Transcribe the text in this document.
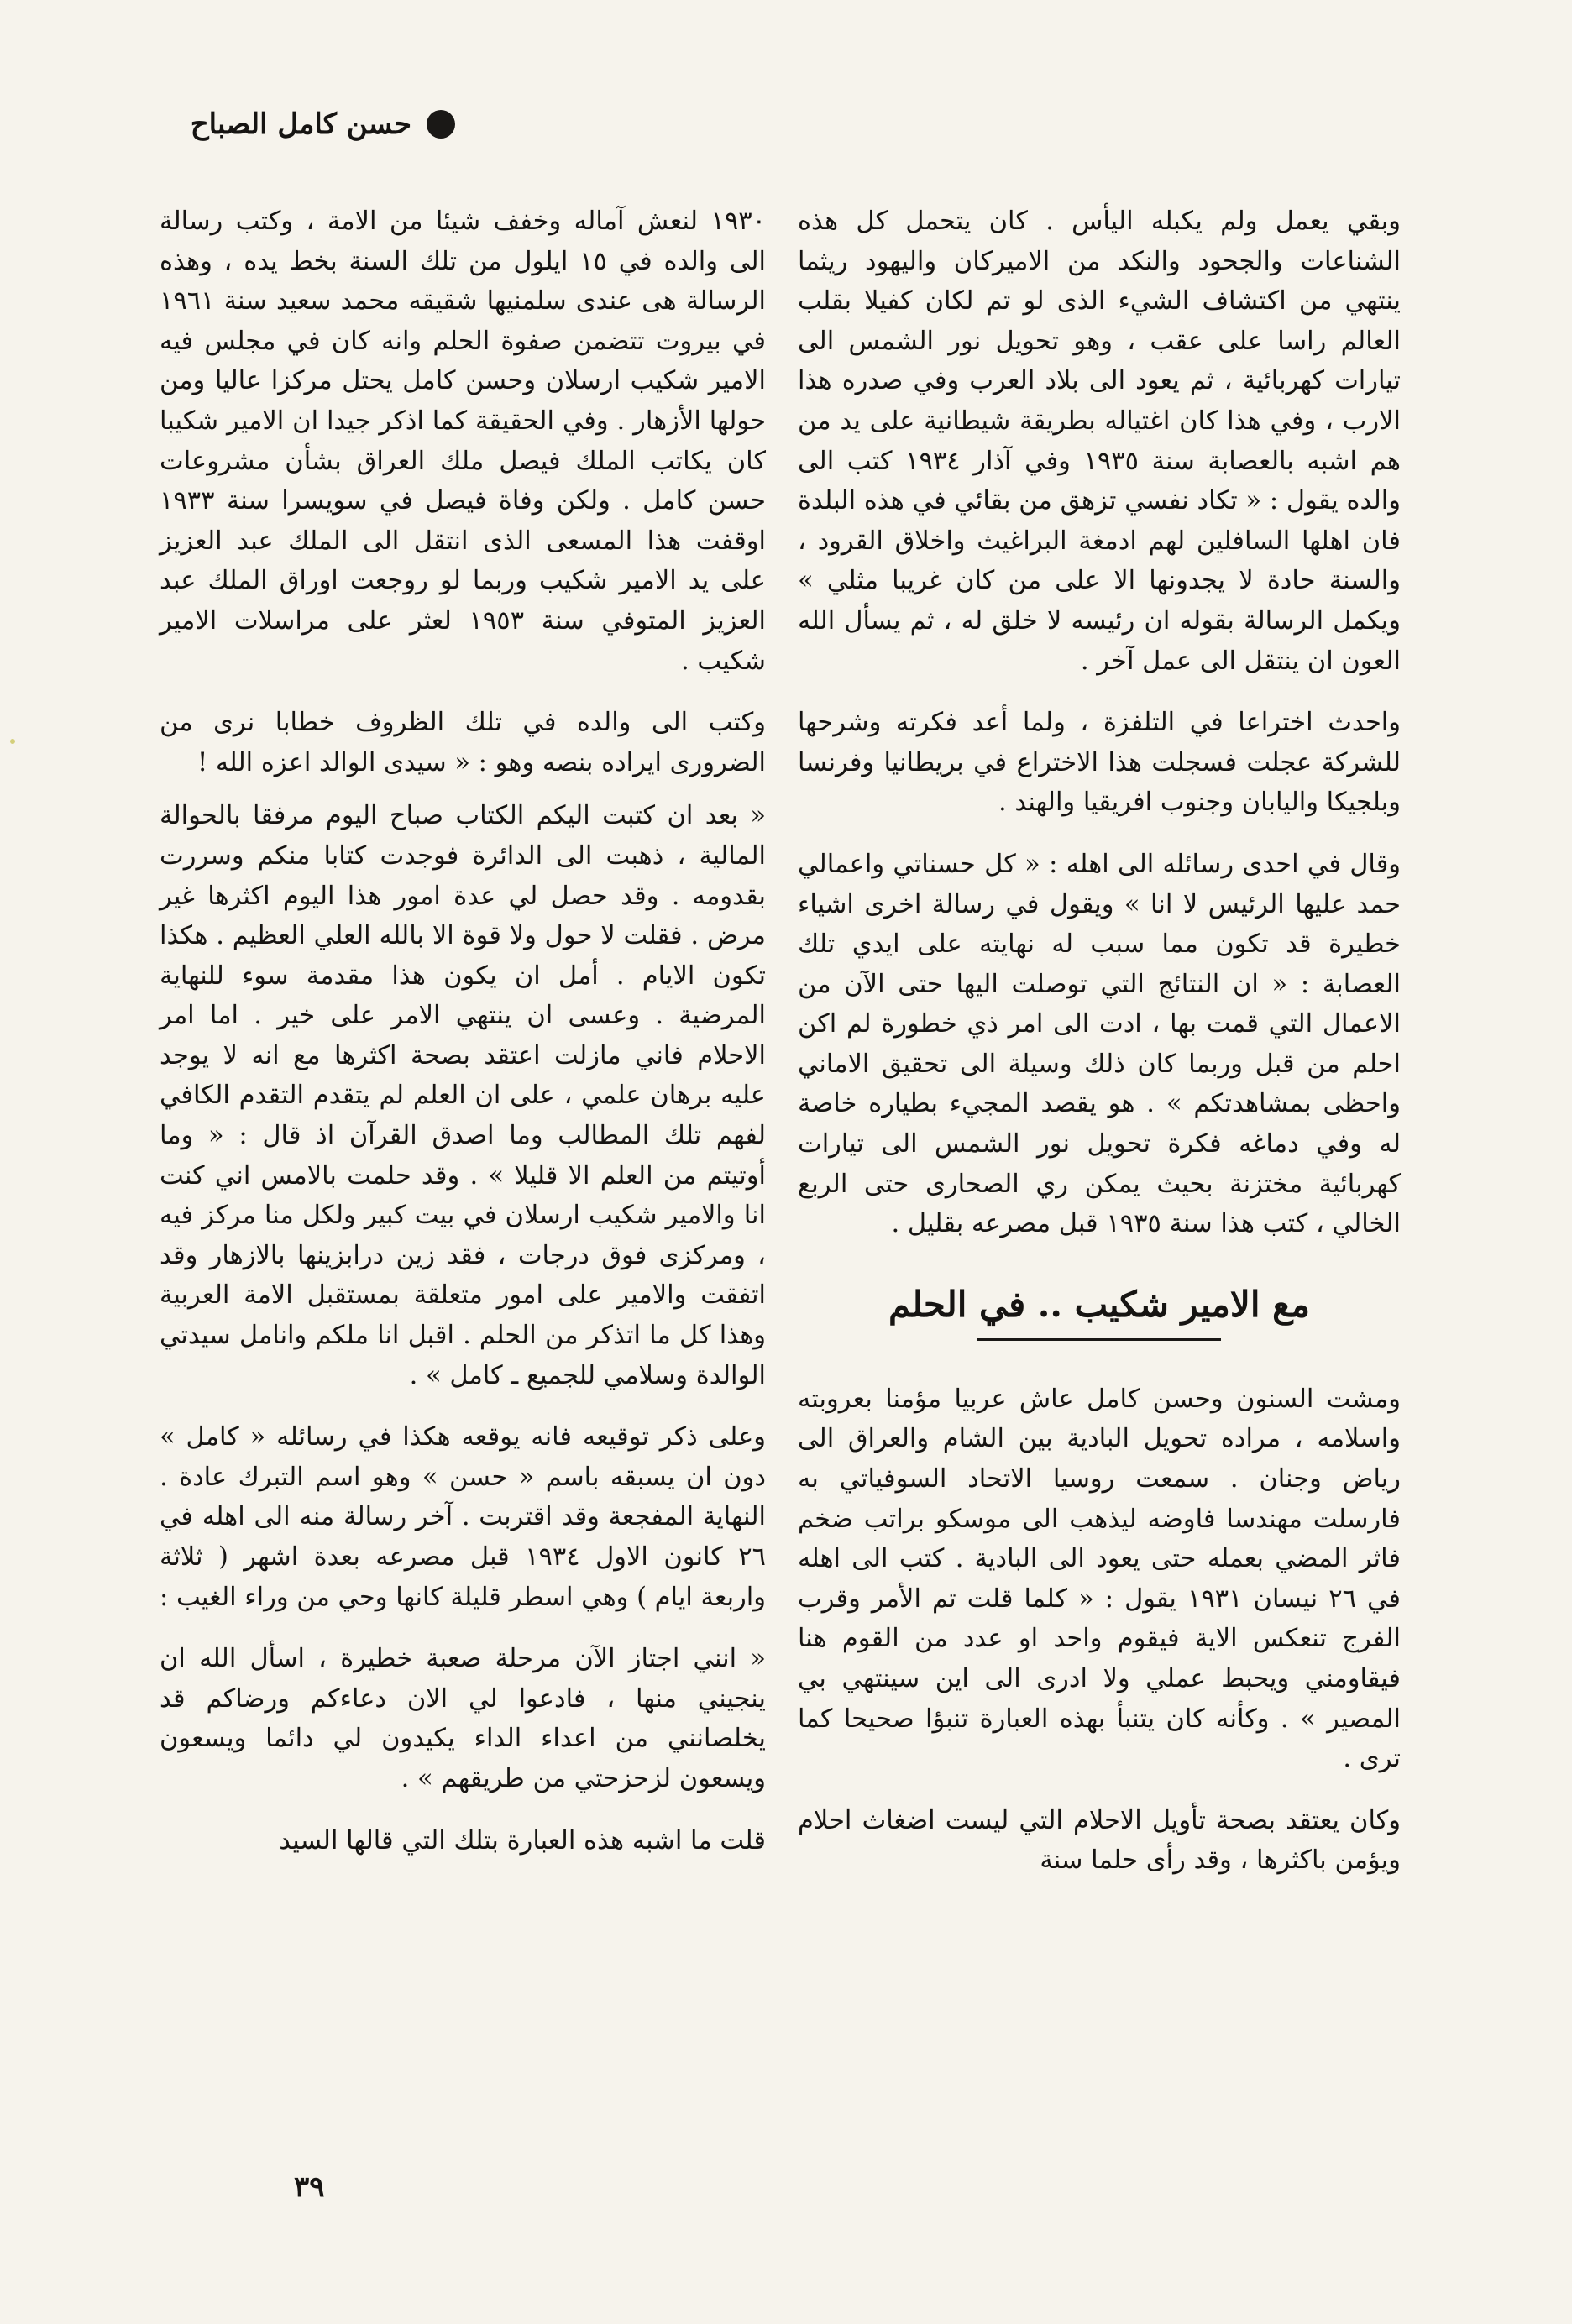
حسن كامل الصباح

وبقي يعمل ولم يكبله اليأس . كان يتحمل كل هذه الشناعات والجحود والنكد من الاميركان واليهود ريثما ينتهي من اكتشاف الشيء الذى لو تم لكان كفيلا بقلب العالم راسا على عقب ، وهو تحويل نور الشمس الى تيارات كهربائية ، ثم يعود الى بلاد العرب وفي صدره هذا الارب ، وفي هذا كان اغتياله بطريقة شيطانية على يد من هم اشبه بالعصابة سنة ١٩٣٥ وفي آذار ١٩٣٤ كتب الى والده يقول : « تكاد نفسي تزهق من بقائي في هذه البلدة فان اهلها السافلين لهم ادمغة البراغيث واخلاق القرود ، والسنة حادة لا يجدونها الا على من كان غريبا مثلي » ويكمل الرسالة بقوله ان رئيسه لا خلق له ، ثم يسأل الله العون ان ينتقل الى عمل آخر .

واحدث اختراعا في التلفزة ، ولما أعد فكرته وشرحها للشركة عجلت فسجلت هذا الاختراع في بريطانيا وفرنسا وبلجيكا واليابان وجنوب افريقيا والهند .

وقال في احدى رسائله الى اهله : « كل حسناتي واعمالي حمد عليها الرئيس لا انا » ويقول في رسالة اخرى اشياء خطيرة قد تكون مما سبب له نهايته على ايدي تلك العصابة : « ان النتائج التي توصلت اليها حتى الآن من الاعمال التي قمت بها ، ادت الى امر ذي خطورة لم اكن احلم من قبل وربما كان ذلك وسيلة الى تحقيق الاماني واحظى بمشاهدتكم » . هو يقصد المجيء بطياره خاصة له وفي دماغه فكرة تحويل نور الشمس الى تيارات كهربائية مختزنة بحيث يمكن ري الصحارى حتى الربع الخالي ، كتب هذا سنة ١٩٣٥ قبل مصرعه بقليل .

مع الامير شكيب .. في الحلم

ومشت السنون وحسن كامل عاش عربيا مؤمنا بعروبته واسلامه ، مراده تحويل البادية بين الشام والعراق الى رياض وجنان . سمعت روسيا الاتحاد السوفياتي به فارسلت مهندسا فاوضه ليذهب الى موسكو براتب ضخم فاثر المضي بعمله حتى يعود الى البادية . كتب الى اهله في ٢٦ نيسان ١٩٣١ يقول : « كلما قلت تم الأمر وقرب الفرج تنعكس الاية فيقوم واحد او عدد من القوم هنا فيقاومني ويحبط عملي ولا ادرى الى اين سينتهي بي المصير » . وكأنه كان يتنبأ بهذه العبارة تنبؤا صحيحا كما ترى .

وكان يعتقد بصحة تأويل الاحلام التي ليست اضغاث احلام ويؤمن باكثرها ، وقد رأى حلما سنة

١٩٣٠ لنعش آماله وخفف شيئا من الامة ، وكتب رسالة الى والده في ١٥ ايلول من تلك السنة بخط يده ، وهذه الرسالة هى عندى سلمنيها شقيقه محمد سعيد سنة ١٩٦١ في بيروت تتضمن صفوة الحلم وانه كان في مجلس فيه الامير شكيب ارسلان وحسن كامل يحتل مركزا عاليا ومن حولها الأزهار . وفي الحقيقة كما اذكر جيدا ان الامير شكيبا كان يكاتب الملك فيصل ملك العراق بشأن مشروعات حسن كامل . ولكن وفاة فيصل في سويسرا سنة ١٩٣٣ اوقفت هذا المسعى الذى انتقل الى الملك عبد العزيز على يد الامير شكيب وربما لو روجعت اوراق الملك عبد العزيز المتوفي سنة ١٩٥٣ لعثر على مراسلات الامير شكيب .

وكتب الى والده في تلك الظروف خطابا نرى من الضرورى ايراده بنصه وهو : « سيدى الوالد اعزه الله !

« بعد ان كتبت اليكم الكتاب صباح اليوم مرفقا بالحوالة المالية ، ذهبت الى الدائرة فوجدت كتابا منكم وسررت بقدومه . وقد حصل لي عدة امور هذا اليوم اكثرها غير مرض . فقلت لا حول ولا قوة الا بالله العلي العظيم . هكذا تكون الايام . أمل ان يكون هذا مقدمة سوء للنهاية المرضية . وعسى ان ينتهي الامر على خير . اما امر الاحلام فاني مازلت اعتقد بصحة اكثرها مع انه لا يوجد عليه برهان علمي ، على ان العلم لم يتقدم التقدم الكافي لفهم تلك المطالب وما اصدق القرآن اذ قال : « وما أوتيتم من العلم الا قليلا » . وقد حلمت بالامس اني كنت انا والامير شكيب ارسلان في بيت كبير ولكل منا مركز فيه ، ومركزى فوق درجات ، فقد زين درابزينها بالازهار وقد اتفقت والامير على امور متعلقة بمستقبل الامة العربية وهذا كل ما اتذكر من الحلم . اقبل انا ملكم وانامل سيدتي الوالدة وسلامي للجميع ـ كامل » .

وعلى ذكر توقيعه فانه يوقعه هكذا في رسائله « كامل » دون ان يسبقه باسم « حسن » وهو اسم التبرك عادة . النهاية المفجعة وقد اقتربت . آخر رسالة منه الى اهله في ٢٦ كانون الاول ١٩٣٤ قبل مصرعه بعدة اشهر ( ثلاثة واربعة ايام ) وهي اسطر قليلة كانها وحي من وراء الغيب :

« انني اجتاز الآن مرحلة صعبة خطيرة ، اسأل الله ان ينجيني منها ، فادعوا لي الان دعاءكم ورضاكم قد يخلصانني من اعداء الداء يكيدون لي دائما ويسعون ويسعون لزحزحتي من طريقهم » .

قلت ما اشبه هذه العبارة بتلك التي قالها السيد

٣٩
